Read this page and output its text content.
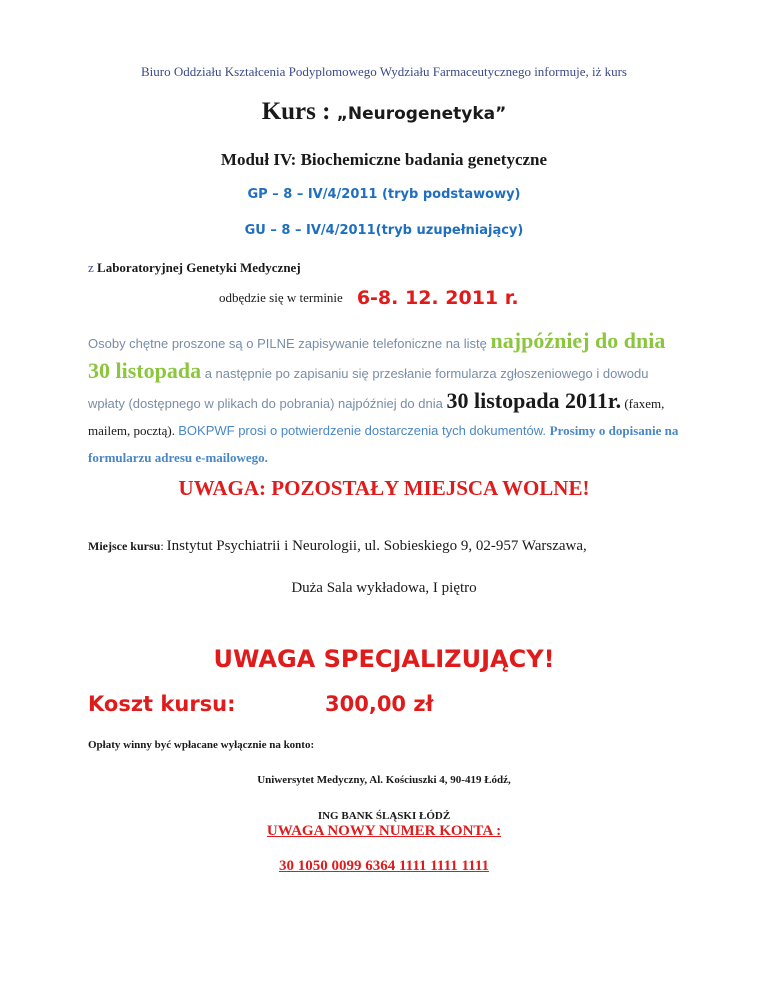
Biuro Oddziału Kształcenia Podyplomowego Wydziału Farmaceutycznego informuje, iż kurs
Kurs : „Neurogenetyka”
Moduł IV: Biochemiczne badania genetyczne
GP – 8 – IV/4/2011 (tryb podstawowy)
GU – 8 – IV/4/2011(tryb uzupełniający)
z Laboratoryjnej Genetyki Medycznej
odbędzie się w terminie 6-8. 12. 2011 r.

Osoby chętne proszone są o PILNE zapisywanie telefoniczne na listę najpóźniej do dnia 30 listopada a następnie po zapisaniu się przesłanie formularza zgłoszeniowego i dowodu wpłaty (dostępnego w plikach do pobrania) najpóźniej do dnia 30 listopada 2011r. (faxem, mailem, pocztą). BOKPWF prosi o potwierdzenie dostarczenia tych dokumentów. Prosimy o dopisanie na formularzu adresu e-mailowego.

UWAGA: POZOSTAŁY MIEJSCA WOLNE!
Miejsce kursu: Instytut Psychiatrii i Neurologii, ul. Sobieskiego 9, 02-957 Warszawa,
Duża Sala wykładowa, I piętro
UWAGA SPECJALIZUJĄCY!
Koszt kursu:	300,00 zł
Opłaty winny być wpłacane wyłącznie na konto:
Uniwersytet Medyczny, Al. Kościuszki 4, 90-419 Łódź,
ING BANK ŚLĄSKI ŁÓDŹ
UWAGA NOWY NUMER KONTA :
30 1050 0099 6364 1111 1111 1111
